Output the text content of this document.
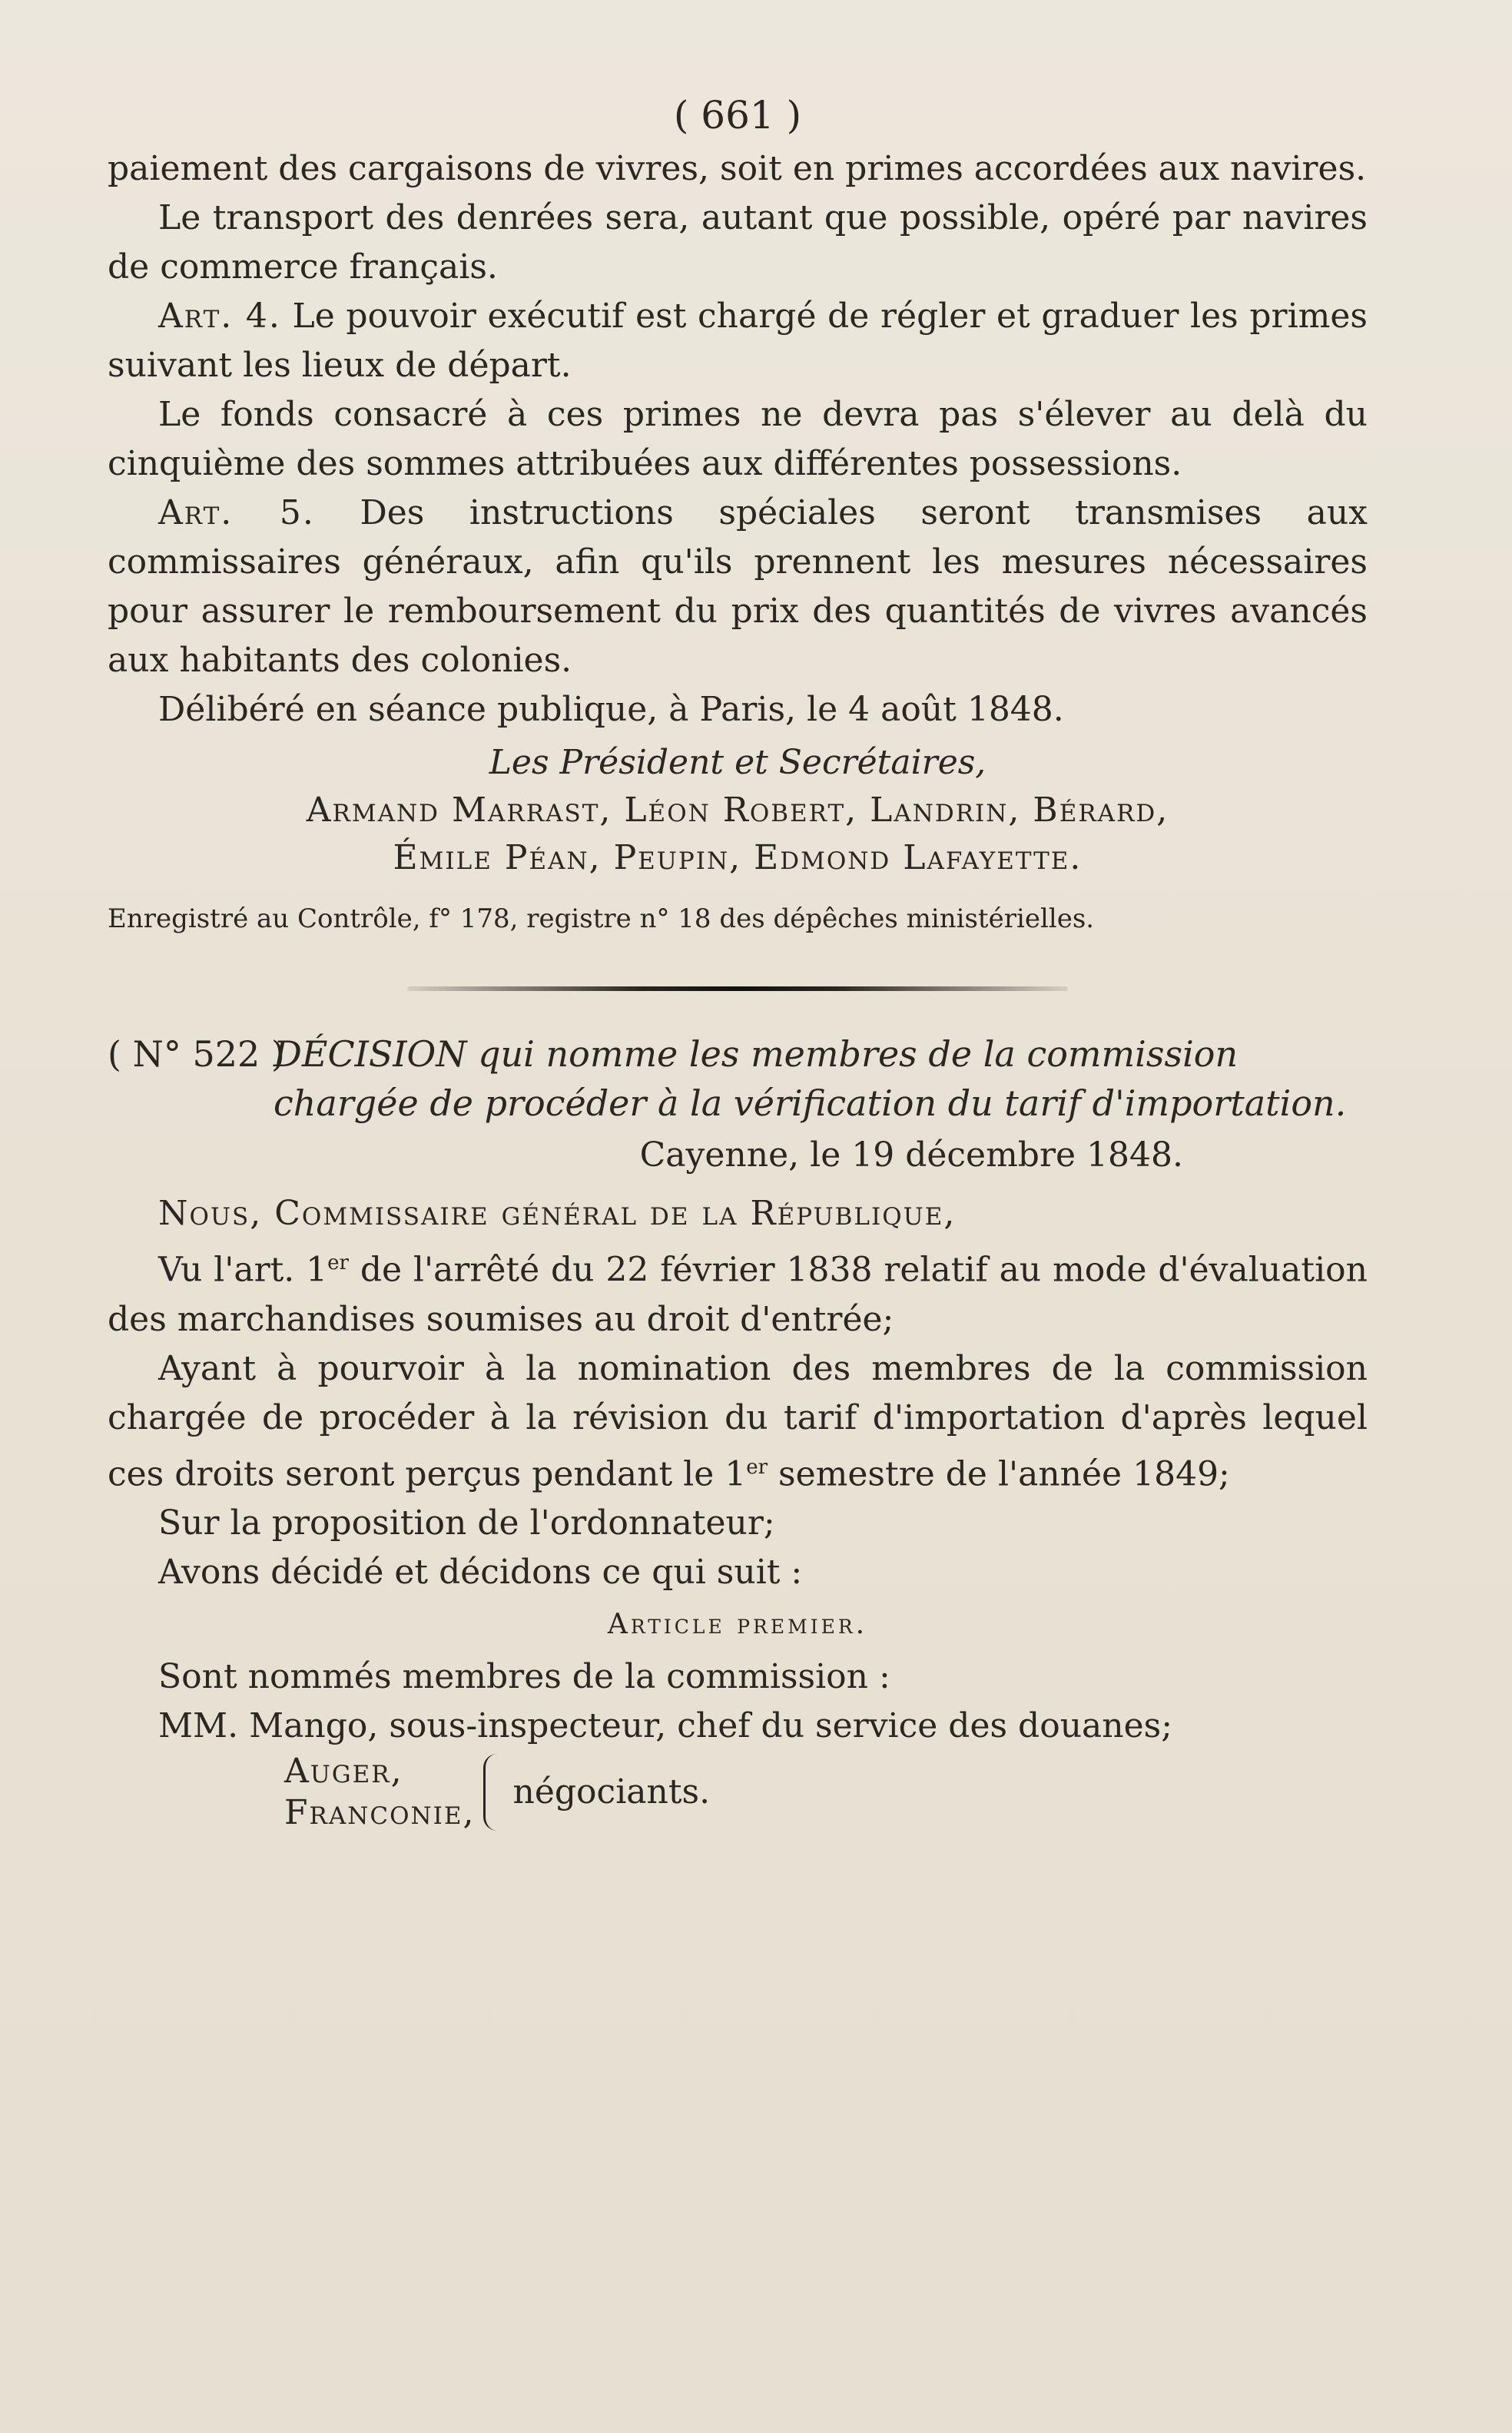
( 661 )

paiement des cargaisons de vivres, soit en primes accordées aux navires.

Le transport des denrées sera, autant que possible, opéré par navires de commerce français.

Art. 4. Le pouvoir exécutif est chargé de régler et graduer les primes suivant les lieux de départ.

Le fonds consacré à ces primes ne devra pas s'élever au delà du cinquième des sommes attribuées aux différentes possessions.

Art. 5. Des instructions spéciales seront transmises aux commissaires généraux, afin qu'ils prennent les mesures nécessaires pour assurer le remboursement du prix des quantités de vivres avancés aux habitants des colonies.

Délibéré en séance publique, à Paris, le 4 août 1848.

Les Président et Secrétaires,
Armand Marrast, Léon Robert, Landrin, Bérard,
Émile Péan, Peupin, Edmond Lafayette.
Enregistré au Contrôle, f° 178, registre n° 18 des dépêches ministérielles.
( N° 522 )
DÉCISION qui nomme les membres de la commission chargée de procéder à la vérification du tarif d'importation.
Cayenne, le 19 décembre 1848.

Nous, Commissaire général de la République,

Vu l'art. 1er de l'arrêté du 22 février 1838 relatif au mode d'évaluation des marchandises soumises au droit d'entrée;

Ayant à pourvoir à la nomination des membres de la commission chargée de procéder à la révision du tarif d'importation d'après lequel ces droits seront perçus pendant le 1er semestre de l'année 1849;

Sur la proposition de l'ordonnateur;

Avons décidé et décidons ce qui suit :

Article premier.

Sont nommés membres de la commission :

MM. Mango, sous-inspecteur, chef du service des douanes;

Auger,
Franconie,
négociants.
